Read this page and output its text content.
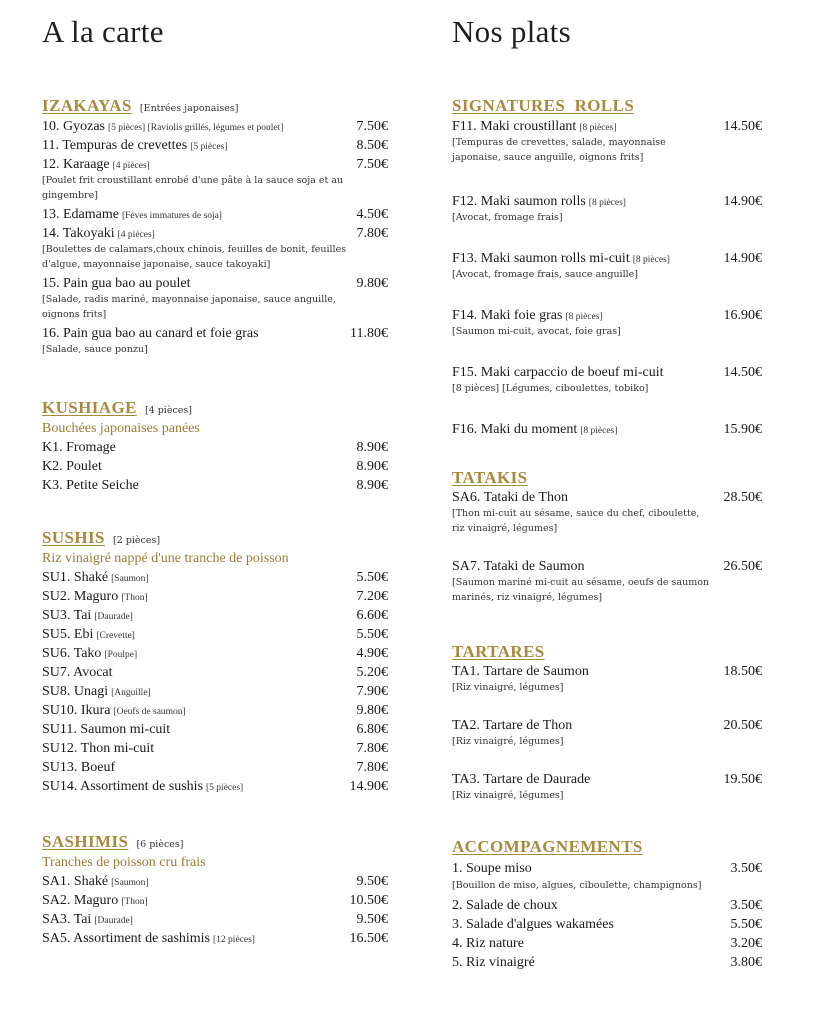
A la carte
IZAKAYAS [Entrées japonaises]
10. Gyozas [5 pièces] [Raviolis grillés, légumes et poulet]	7.50€
11. Tempuras de crevettes [5 pièces]	8.50€
12. Karaage [4 pièces]	7.50€
[Poulet frit croustillant enrobé d'une pâte à la sauce soja et au gingembre]
13. Edamame [Fèves immatures de soja]	4.50€
14. Takoyaki [4 pièces]	7.80€
[Boulettes de calamars,choux chinois, feuilles de bonit, feuilles d'algue, mayonnaise japonaise, sauce takoyaki]
15. Pain gua bao au poulet	9.80€
[Salade, radis mariné, mayonnaise japonaise, sauce anguille, oignons frits]
16. Pain gua bao au canard et foie gras	11.80€
[Salade, sauce ponzu]
KUSHIAGE [4 pièces]
Bouchées japonaises panées
K1. Fromage	8.90€
K2. Poulet	8.90€
K3. Petite Seiche	8.90€
SUSHIS [2 pièces]
Riz vinaigré nappé d'une tranche de poisson
SU1. Shaké [Saumon]	5.50€
SU2. Maguro [Thon]	7.20€
SU3. Tai [Daurade]	6.60€
SU5. Ebi [Crevette]	5.50€
SU6. Tako [Poulpe]	4.90€
SU7. Avocat	5.20€
SU8. Unagi [Anguille]	7.90€
SU10. Ikura [Oeufs de saumon]	9.80€
SU11. Saumon mi-cuit	6.80€
SU12. Thon mi-cuit	7.80€
SU13. Boeuf	7.80€
SU14. Assortiment de sushis [5 pièces]	14.90€
SASHIMIS [6 pièces]
Tranches de poisson cru frais
SA1. Shaké [Saumon]	9.50€
SA2. Maguro [Thon]	10.50€
SA3. Tai [Daurade]	9.50€
SA5. Assortiment de sashimis [12 pièces]	16.50€
Nos plats
SIGNATURES  ROLLS
F11. Maki croustillant [8 pièces]	14.50€
[Tempuras de crevettes, salade, mayonnaise japonaise, sauce anguille, oignons frits]
F12. Maki saumon rolls [8 pièces]	14.90€
[Avocat, fromage frais]
F13. Maki saumon rolls mi-cuit [8 pièces]	14.90€
[Avocat, fromage frais, sauce anguille]
F14. Maki foie gras [8 pièces]	16.90€
[Saumon mi-cuit, avocat, foie gras]
F15. Maki carpaccio de boeuf mi-cuit	14.50€
[8 pièces] [Légumes, ciboulettes, tobiko]
F16. Maki du moment [8 pièces]	15.90€
TATAKIS
SA6. Tataki de Thon	28.50€
[Thon mi-cuit au sésame, sauce du chef, ciboulette, riz vinaigré, légumes]
SA7. Tataki de Saumon	26.50€
[Saumon mariné mi-cuit au sésame, oeufs de saumon marinés, riz vinaigré, légumes]
TARTARES
TA1. Tartare de Saumon	18.50€
[Riz vinaigré, légumes]
TA2. Tartare de Thon	20.50€
[Riz vinaigré, légumes]
TA3. Tartare de Daurade	19.50€
[Riz vinaigré, légumes]
ACCOMPAGNEMENTS
1. Soupe miso	3.50€
[Bouillon de miso, algues, ciboulette, champignons]
2. Salade de choux	3.50€
3. Salade d'algues wakamées	5.50€
4. Riz nature	3.20€
5. Riz vinaigré	3.80€
